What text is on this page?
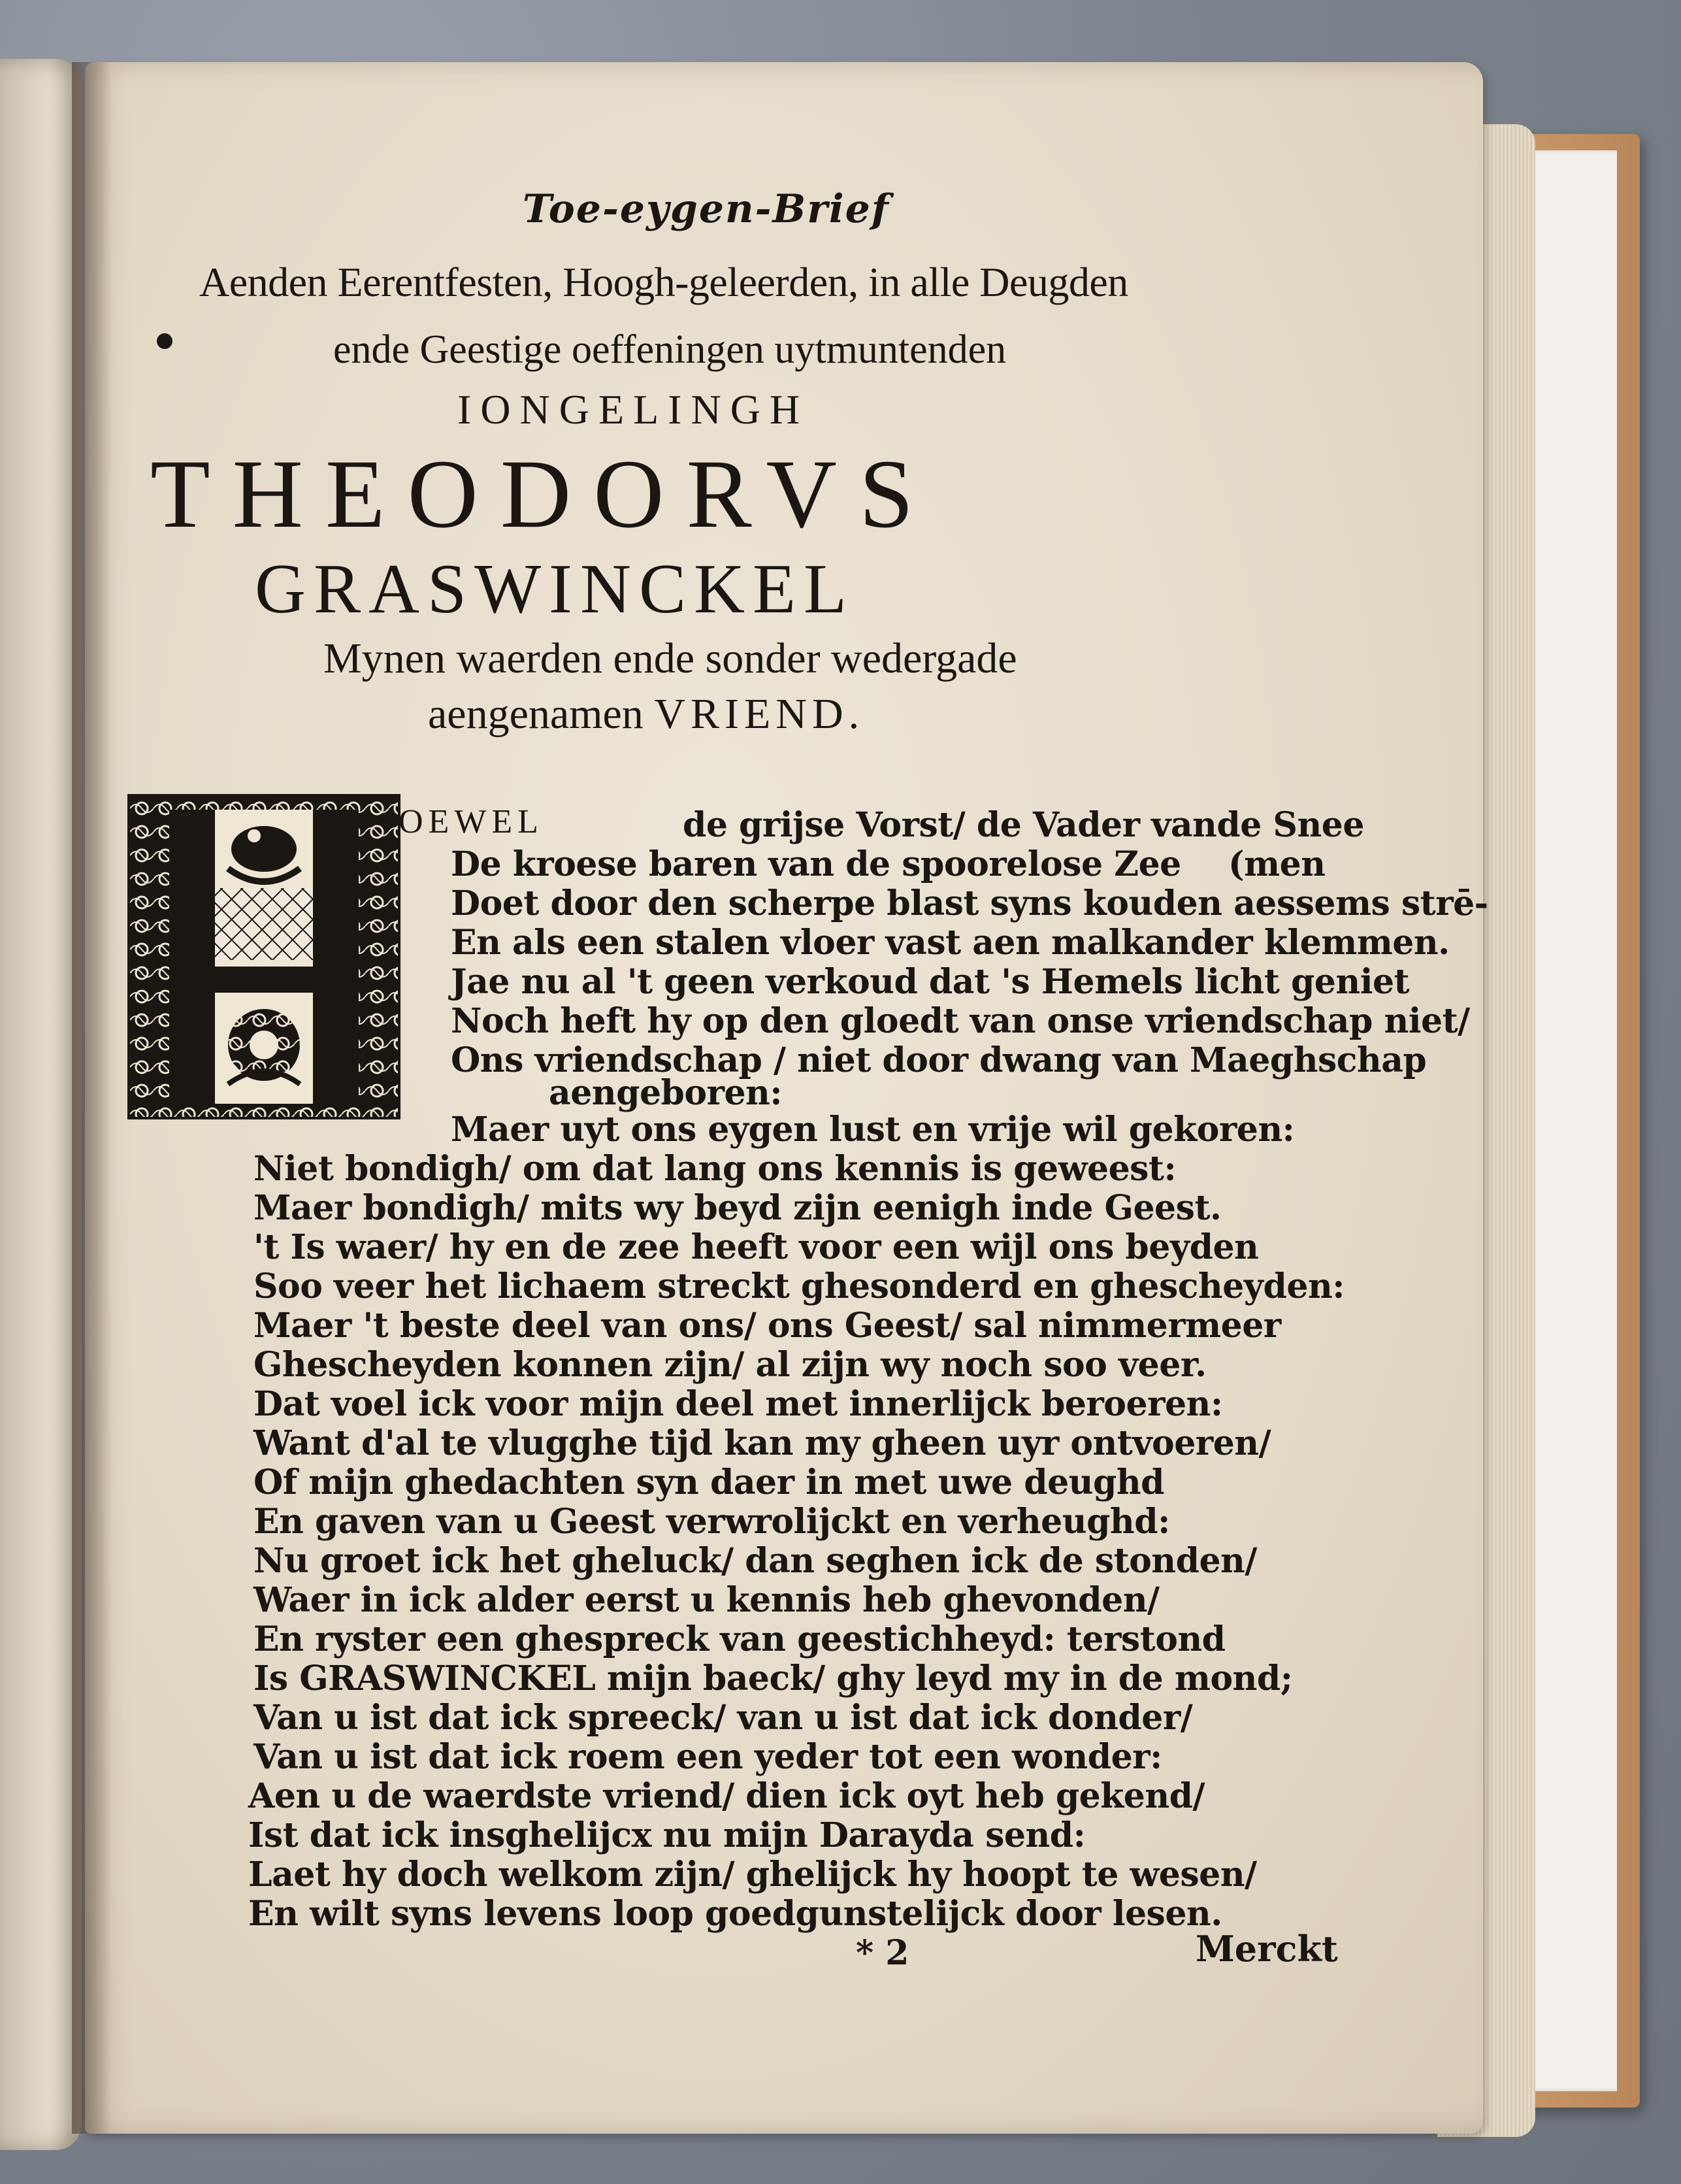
Toe-eygen-Brief
Aenden Eerentfesten, Hoogh-geleerden, in alle Deugden
ende Geestige oeffeningen uytmuntenden
IONGELINGH
THEODORVS
GRASWINCKEL
Mynen waerden ende sonder wedergade
aengenamen VRIEND.
OEWEL	de grijse Vorst/ de Vader vande Snee
De kroese baren van de spoorelose Zee (men
Doet door den scherpe blast syns kouden aessems strē-
En als een stalen vloer vast aen malkander klemmen.
Jae nu al 't geen verkoud dat 's Hemels licht geniet
Noch heft hy op den gloedt van onse vriendschap niet/
Ons vriendschap / niet door dwang van Maeghschap
aengeboren:
Maer uyt ons eygen lust en vrije wil gekoren:
Niet bondigh/ om dat lang ons kennis is geweest:
Maer bondigh/ mits wy beyd zijn eenigh inde Geest.
't Is waer/ hy en de zee heeft voor een wijl ons beyden
Soo veer het lichaem streckt ghesonderd en ghescheyden:
Maer 't beste deel van ons/ ons Geest/ sal nimmermeer
Ghescheyden konnen zijn/ al zijn wy noch soo veer.
Dat voel ick voor mijn deel met innerlijck beroeren:
Want d'al te vlugghe tijd kan my gheen uyr ontvoeren/
Of mijn ghedachten syn daer in met uwe deughd
En gaven van u Geest verwrolijckt en verheughd:
Nu groet ick het gheluck/ dan seghen ick de stonden/
Waer in ick alder eerst u kennis heb ghevonden/
En ryster een ghespreck van geestichheyd: terstond
Is GRASWINCKEL mijn baeck/ ghy leyd my in de mond;
Van u ist dat ick spreeck/ van u ist dat ick donder/
Van u ist dat ick roem een yeder tot een wonder:
Aen u de waerdste vriend/ dien ick oyt heb gekend/
Ist dat ick insghelijcx nu mijn Darayda send:
Laet hy doch welkom zijn/ ghelijck hy hoopt te wesen/
En wilt syns levens loop goedgunstelijck door lesen.
* 2	Merckt
